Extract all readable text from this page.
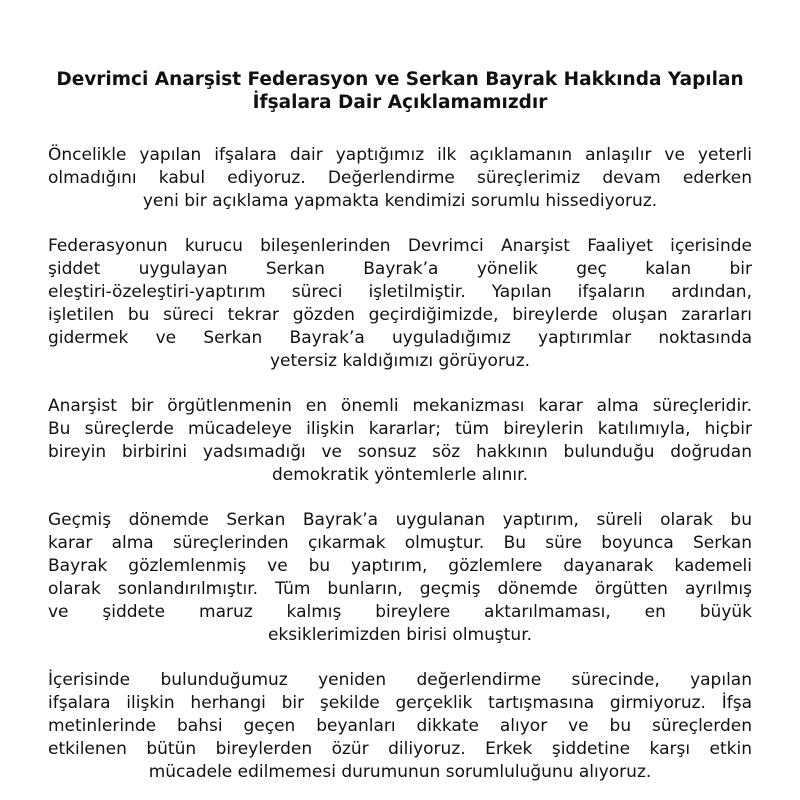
Devrimci Anarşist Federasyon ve Serkan Bayrak Hakkında Yapılan
İfşalara Dair Açıklamamızdır

Öncelikle yapılan ifşalara dair yaptığımız ilk açıklamanın anlaşılır ve yeterli
olmadığını kabul ediyoruz. Değerlendirme süreçlerimiz devam ederken
yeni bir açıklama yapmakta kendimizi sorumlu hissediyoruz.

Federasyonun kurucu bileşenlerinden Devrimci Anarşist Faaliyet içerisinde
şiddet uygulayan Serkan Bayrak’a yönelik geç kalan bir
eleştiri-özeleştiri-yaptırım süreci işletilmiştir. Yapılan ifşaların ardından,
işletilen bu süreci tekrar gözden geçirdiğimizde, bireylerde oluşan zararları
gidermek ve Serkan Bayrak’a uyguladığımız yaptırımlar noktasında
yetersiz kaldığımızı görüyoruz.

Anarşist bir örgütlenmenin en önemli mekanizması karar alma süreçleridir.
Bu süreçlerde mücadeleye ilişkin kararlar; tüm bireylerin katılımıyla, hiçbir
bireyin birbirini yadsımadığı ve sonsuz söz hakkının bulunduğu doğrudan
demokratik yöntemlerle alınır.

Geçmiş dönemde Serkan Bayrak’a uygulanan yaptırım, süreli olarak bu
karar alma süreçlerinden çıkarmak olmuştur. Bu süre boyunca Serkan
Bayrak gözlemlenmiş ve bu yaptırım, gözlemlere dayanarak kademeli
olarak sonlandırılmıştır. Tüm bunların, geçmiş dönemde örgütten ayrılmış
ve şiddete maruz kalmış bireylere aktarılmaması, en büyük
eksiklerimizden birisi olmuştur.

İçerisinde bulunduğumuz yeniden değerlendirme sürecinde, yapılan
ifşalara ilişkin herhangi bir şekilde gerçeklik tartışmasına girmiyoruz. İfşa
metinlerinde bahsi geçen beyanları dikkate alıyor ve bu süreçlerden
etkilenen bütün bireylerden özür diliyoruz. Erkek şiddetine karşı etkin
mücadele edilmemesi durumunun sorumluluğunu alıyoruz.
